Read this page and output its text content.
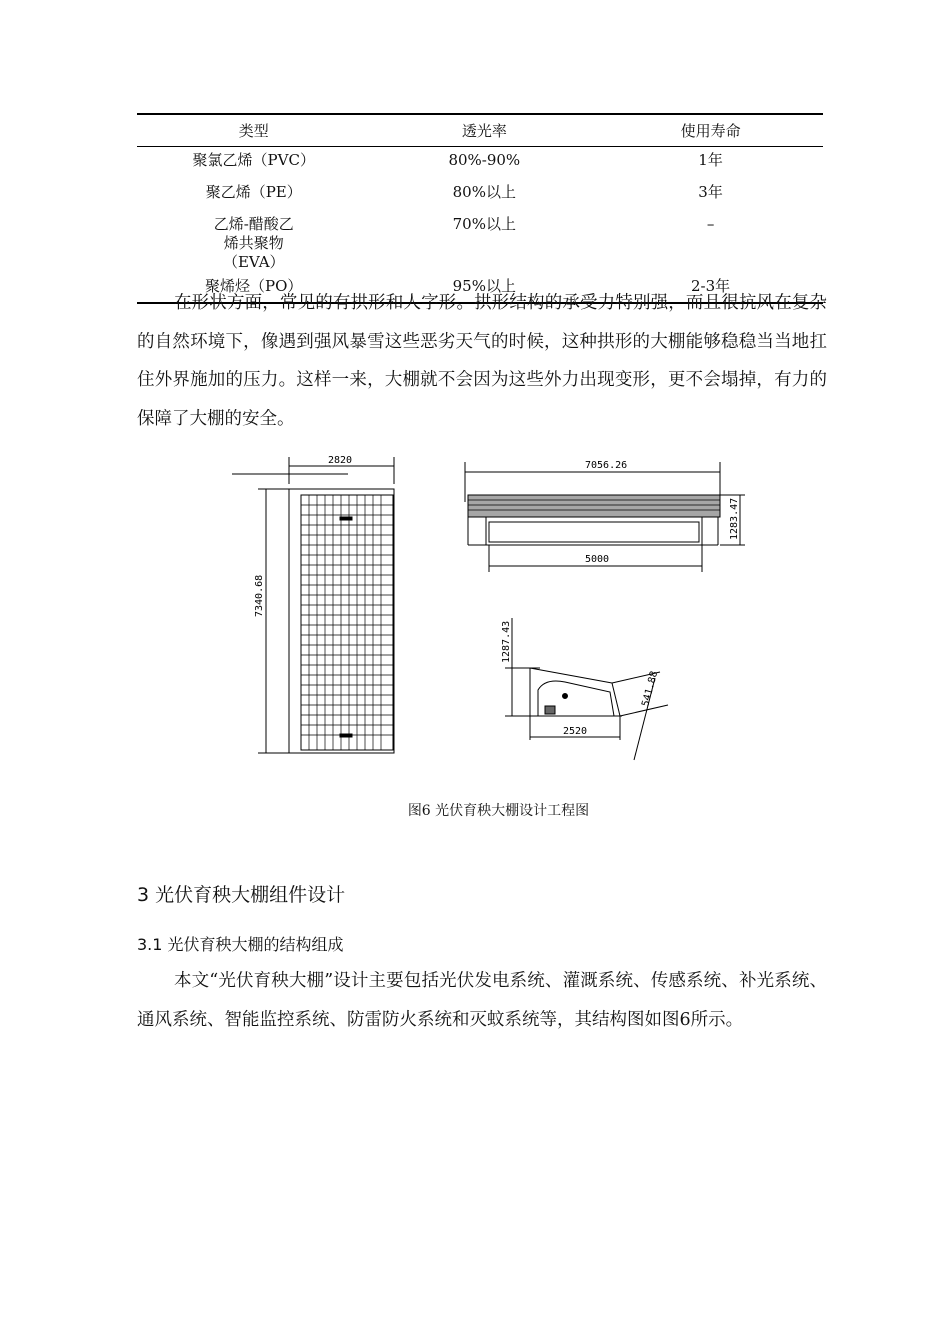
类型	透光率	使用寿命
聚氯乙烯（PVC）	80%-90%	1年
聚乙烯（PE）	80%以上	3年
乙烯-醋酸乙烯共聚物（EVA）	70%以上	–
聚烯烃（PO）	95%以上	2-3年
在形状方面，常见的有拱形和人字形。拱形结构的承受力特别强，而且很抗风在复杂的自然环境下，像遇到强风暴雪这些恶劣天气的时候，这种拱形的大棚能够稳稳当当地扛住外界施加的压力。这样一来，大棚就不会因为这些外力出现变形，更不会塌掉，有力的保障了大棚的安全。
2820
7340.68
7056.26
5000
1283.47
1287.43
2520
541.88
图6 光伏育秧大棚设计工程图
3 光伏育秧大棚组件设计
3.1 光伏育秧大棚的结构组成
本文“光伏育秧大棚”设计主要包括光伏发电系统、灌溉系统、传感系统、补光系统、通风系统、智能监控系统、防雷防火系统和灭蚊系统等，其结构图如图6所示。
